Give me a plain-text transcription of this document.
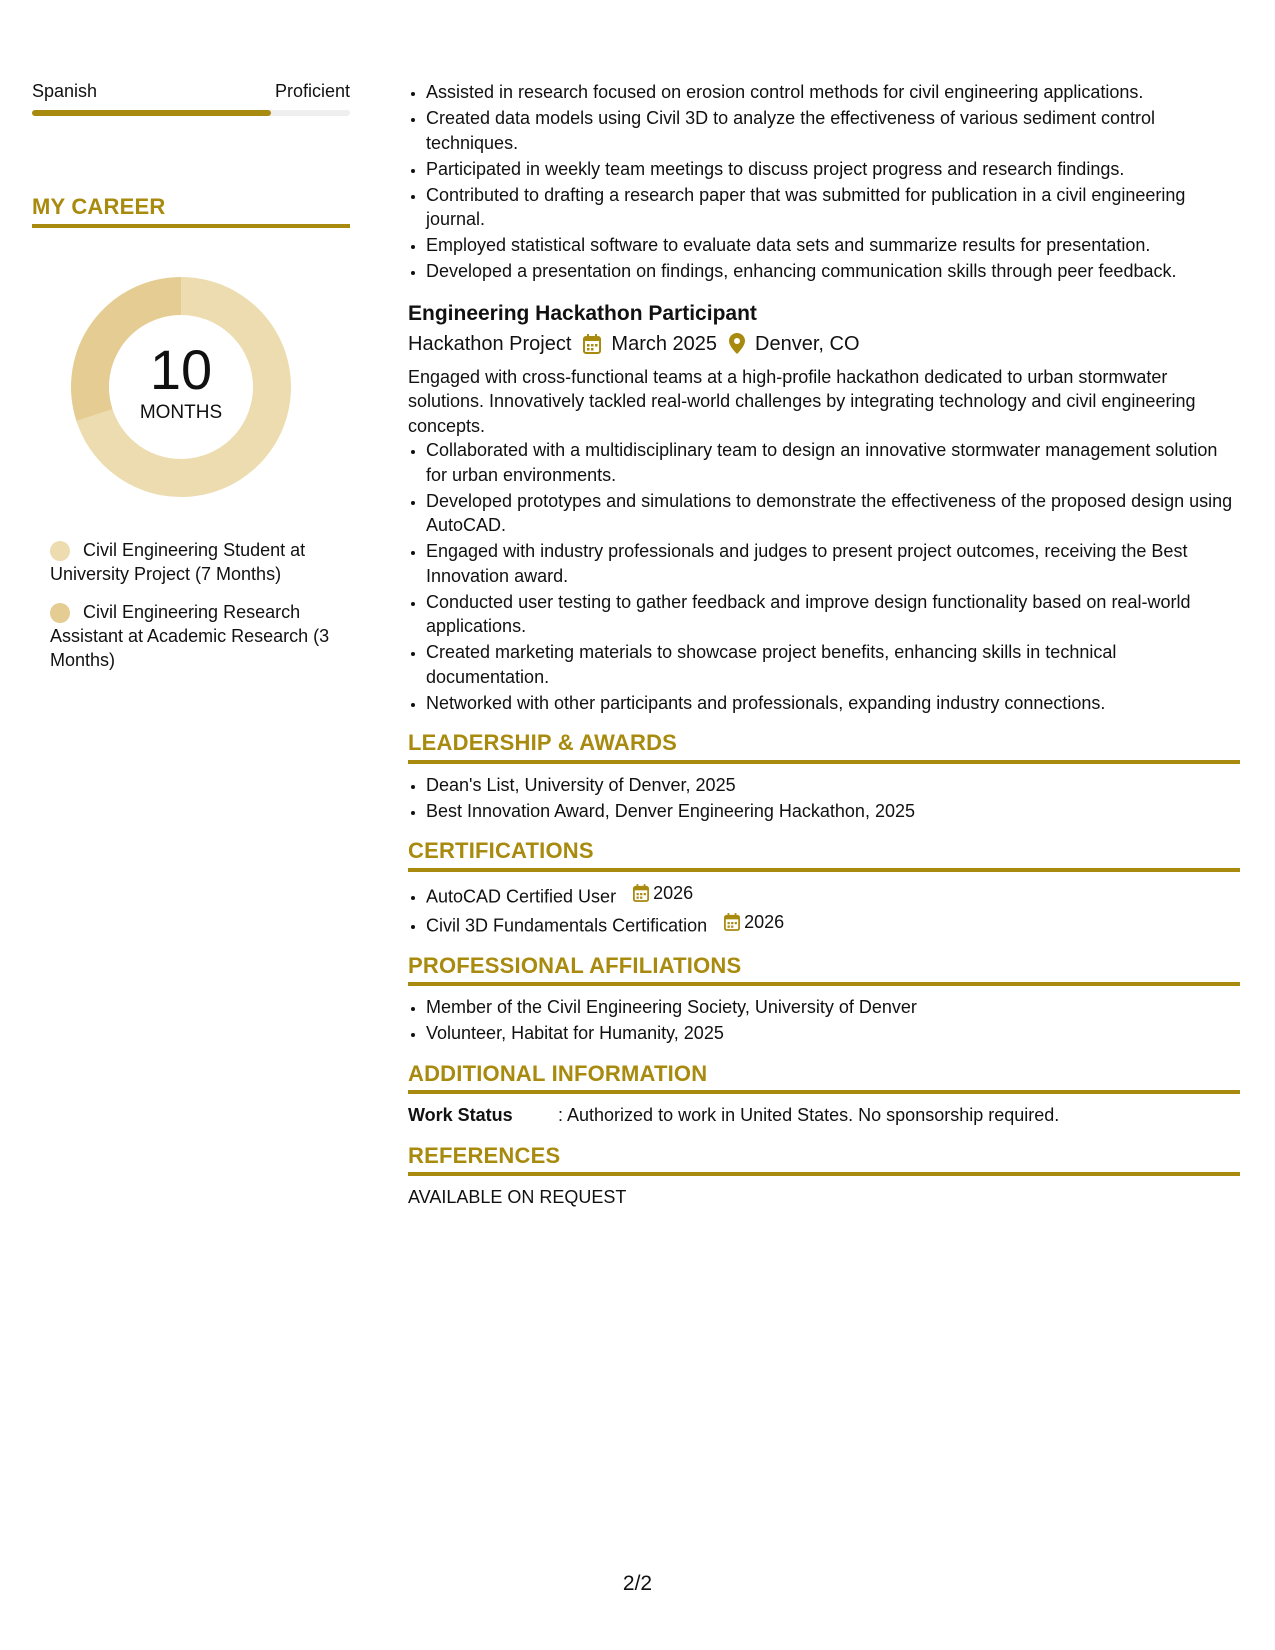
Spanish	Proficient
MY CAREER
10
MONTHS
Civil Engineering Student at University Project (7 Months)
Civil Engineering Research Assistant at Academic Research (3 Months)
• Assisted in research focused on erosion control methods for civil engineering applications.
• Created data models using Civil 3D to analyze the effectiveness of various sediment control techniques.
• Participated in weekly team meetings to discuss project progress and research findings.
• Contributed to drafting a research paper that was submitted for publication in a civil engineering journal.
• Employed statistical software to evaluate data sets and summarize results for presentation.
• Developed a presentation on findings, enhancing communication skills through peer feedback.
Engineering Hackathon Participant
Hackathon Project March 2025 Denver, CO
Engaged with cross-functional teams at a high-profile hackathon dedicated to urban stormwater solutions. Innovatively tackled real-world challenges by integrating technology and civil engineering concepts.
• Collaborated with a multidisciplinary team to design an innovative stormwater management solution for urban environments.
• Developed prototypes and simulations to demonstrate the effectiveness of the proposed design using AutoCAD.
• Engaged with industry professionals and judges to present project outcomes, receiving the Best Innovation award.
• Conducted user testing to gather feedback and improve design functionality based on real-world applications.
• Created marketing materials to showcase project benefits, enhancing skills in technical documentation.
• Networked with other participants and professionals, expanding industry connections.
LEADERSHIP & AWARDS
• Dean's List, University of Denver, 2025
• Best Innovation Award, Denver Engineering Hackathon, 2025
CERTIFICATIONS
• AutoCAD Certified User 2026
• Civil 3D Fundamentals Certification 2026
PROFESSIONAL AFFILIATIONS
• Member of the Civil Engineering Society, University of Denver
• Volunteer, Habitat for Humanity, 2025
ADDITIONAL INFORMATION
Work Status	: Authorized to work in United States. No sponsorship required.
REFERENCES
AVAILABLE ON REQUEST
2/2
